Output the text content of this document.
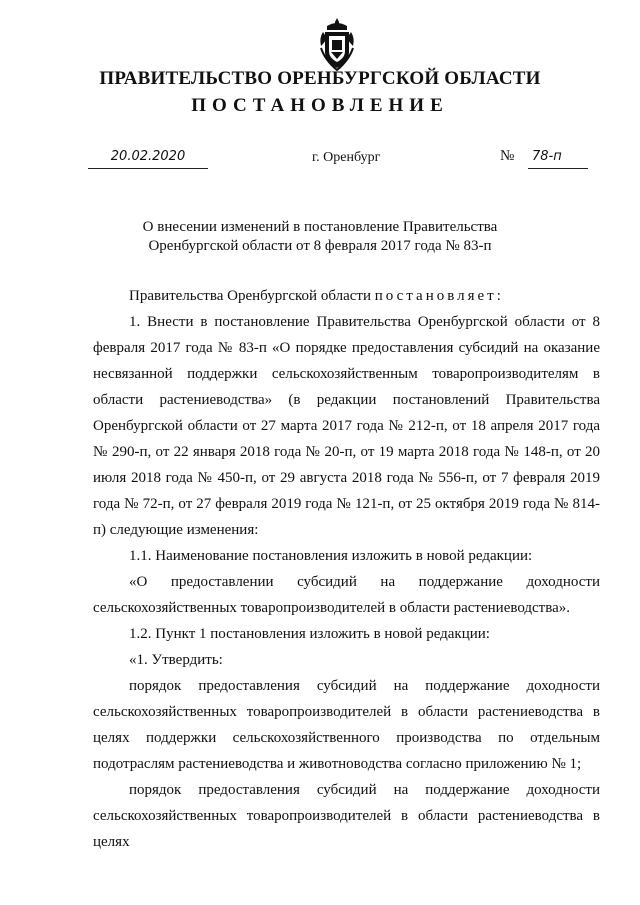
ПРАВИТЕЛЬСТВО ОРЕНБУРГСКОЙ ОБЛАСТИ
ПОСТАНОВЛЕНИЕ
20.02.2020	г. Оренбург	№	78-п
О внесении изменений в постановление Правительства
Оренбургской области от 8 февраля 2017 года № 83-п

Правительства Оренбургской области постановляет:

1. Внести в постановление Правительства Оренбургской области от 8 февраля 2017 года № 83-п «О порядке предоставления субсидий на оказание несвязанной поддержки сельскохозяйственным товаропроизводителям в области растениеводства» (в редакции постановлений Правительства Оренбургской области от 27 марта 2017 года № 212-п, от 18 апреля 2017 года № 290-п, от 22 января 2018 года № 20-п, от 19 марта 2018 года № 148-п, от 20 июля 2018 года № 450-п, от 29 августа 2018 года № 556-п, от 7 февраля 2019 года № 72-п, от 27 февраля 2019 года № 121-п, от 25 октября 2019 года № 814-п) следующие изменения:

1.1. Наименование постановления изложить в новой редакции:

«О предоставлении субсидий на поддержание доходности сельскохозяйственных товаропроизводителей в области растениеводства».

1.2. Пункт 1 постановления изложить в новой редакции:

«1. Утвердить:

порядок предоставления субсидий на поддержание доходности сельскохозяйственных товаропроизводителей в области растениеводства в целях поддержки сельскохозяйственного производства по отдельным подотраслям растениеводства и животноводства согласно приложению № 1;

порядок предоставления субсидий на поддержание доходности сельскохозяйственных товаропроизводителей в области растениеводства в целях
